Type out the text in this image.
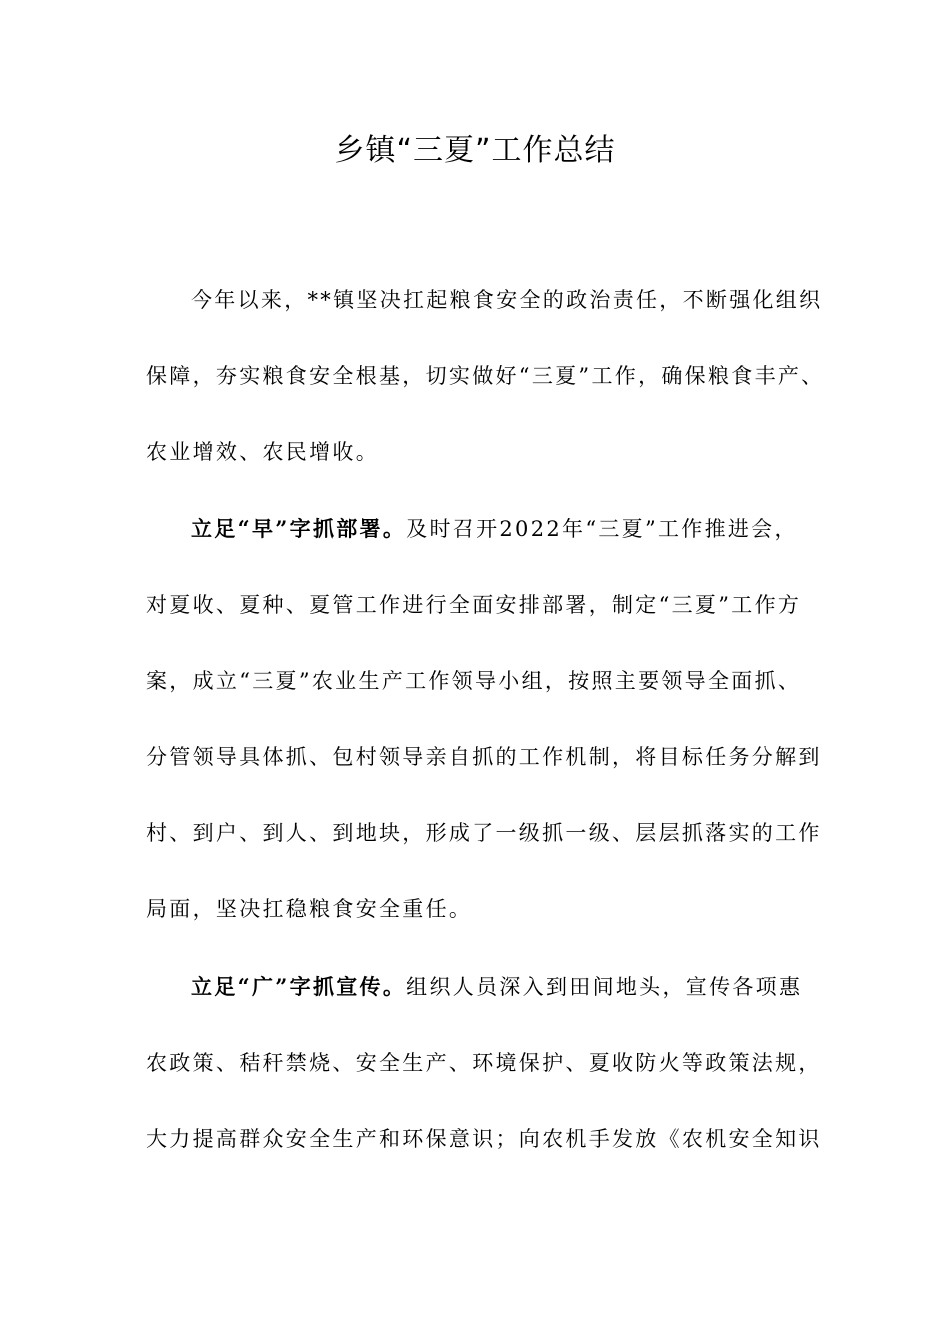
乡镇“三夏”工作总结
今年以来，**镇坚决扛起粮食安全的政治责任，不断强化组织
保障，夯实粮食安全根基，切实做好“三夏”工作，确保粮食丰产、
农业增效、农民增收。
立足“早”字抓部署。及时召开2022年“三夏”工作推进会，
对夏收、夏种、夏管工作进行全面安排部署，制定“三夏”工作方
案，成立“三夏”农业生产工作领导小组，按照主要领导全面抓、
分管领导具体抓、包村领导亲自抓的工作机制，将目标任务分解到
村、到户、到人、到地块，形成了一级抓一级、层层抓落实的工作
局面，坚决扛稳粮食安全重任。
立足“广”字抓宣传。组织人员深入到田间地头，宣传各项惠
农政策、秸秆禁烧、安全生产、环境保护、夏收防火等政策法规，
大力提高群众安全生产和环保意识；向农机手发放《农机安全知识
